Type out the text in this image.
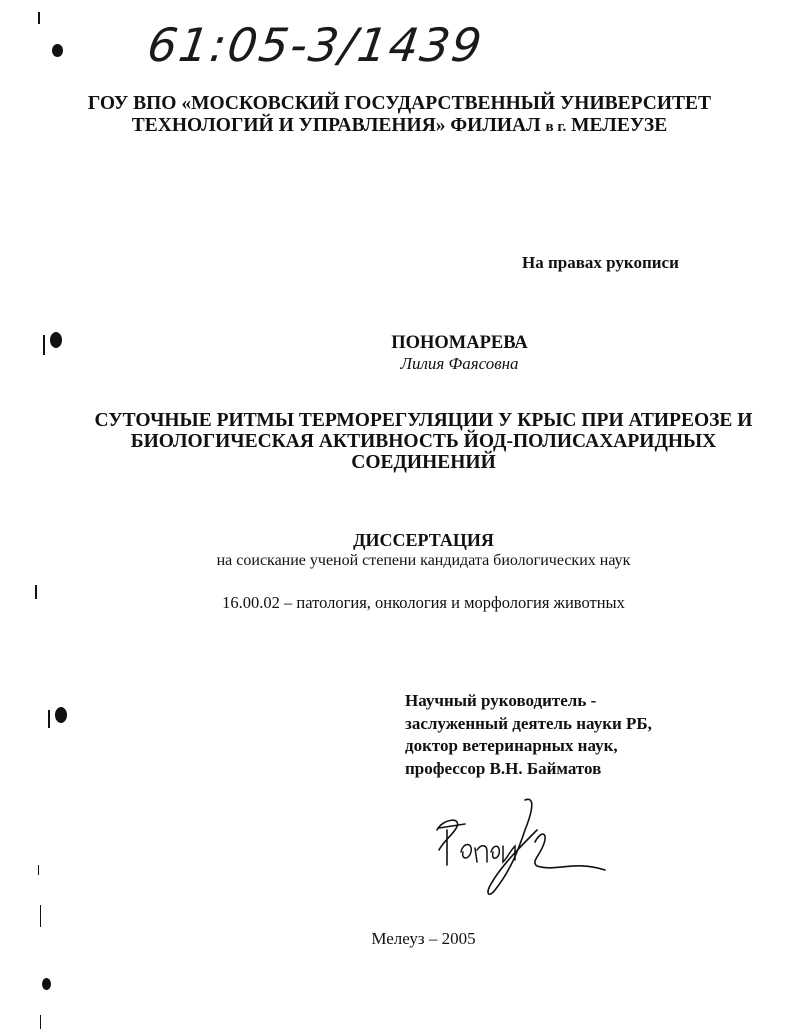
61:05-3/1439
ГОУ ВПО «МОСКОВСКИЙ ГОСУДАРСТВЕННЫЙ УНИВЕРСИТЕТ
ТЕХНОЛОГИЙ И УПРАВЛЕНИЯ» ФИЛИАЛ в г. МЕЛЕУЗЕ
На правах рукописи
ПОНОМАРЕВА
Лилия Фаясовна
СУТОЧНЫЕ РИТМЫ ТЕРМОРЕГУЛЯЦИИ У КРЫС ПРИ АТИРЕОЗЕ И
БИОЛОГИЧЕСКАЯ АКТИВНОСТЬ ЙОД-ПОЛИСАХАРИДНЫХ
СОЕДИНЕНИЙ
ДИССЕРТАЦИЯ
на соискание ученой степени кандидата биологических наук
16.00.02 – патология, онкология и морфология животных
Научный руководитель -
заслуженный деятель науки РБ,
доктор ветеринарных наук,
профессор В.Н. Байматов
Мелеуз – 2005
